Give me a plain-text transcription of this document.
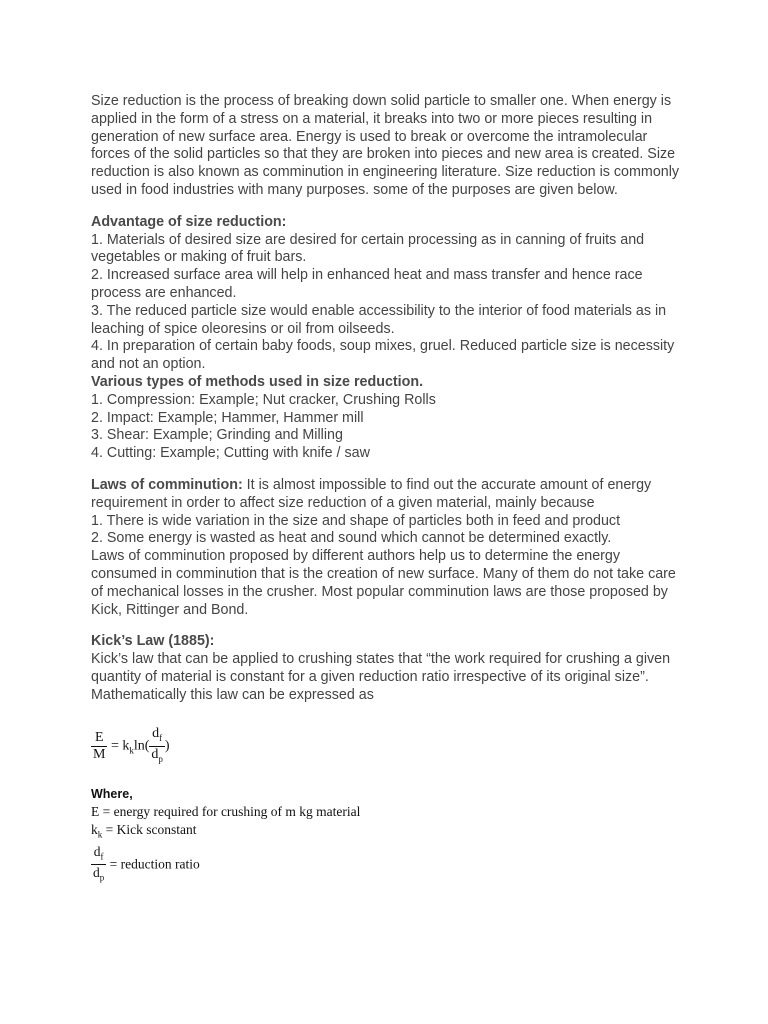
Size reduction is the process of breaking down solid particle to smaller one. When energy is applied in the form of a stress on a material, it breaks into two or more pieces resulting in generation of new surface area. Energy is used to break or overcome the intramolecular forces of the solid particles so that they are broken into pieces and new area is created. Size reduction is also known as comminution in engineering literature. Size reduction is commonly used in food industries with many purposes. some of the purposes are given below.

Advantage of size reduction:

1. Materials of desired size are desired for certain processing as in canning of fruits and vegetables or making of fruit bars.

2. Increased surface area will help in enhanced heat and mass transfer and hence race process are enhanced.

3. The reduced particle size would enable accessibility to the interior of food materials as in leaching of spice oleoresins or oil from oilseeds.

4. In preparation of certain baby foods, soup mixes, gruel. Reduced particle size is necessity and not an option.

Various types of methods used in size reduction.

1. Compression: Example; Nut cracker, Crushing Rolls

2. Impact: Example; Hammer, Hammer mill

3. Shear: Example; Grinding and Milling

4. Cutting: Example; Cutting with knife / saw

Laws of comminution: It is almost impossible to find out the accurate amount of energy requirement in order to affect size reduction of a given material, mainly because

1. There is wide variation in the size and shape of particles both in feed and product

2. Some energy is wasted as heat and sound which cannot be determined exactly.

Laws of comminution proposed by different authors help us to determine the energy consumed in comminution that is the creation of new surface. Many of them do not take care of mechanical losses in the crusher. Most popular comminution laws are those proposed by Kick, Rittinger and Bond.

Kick’s Law (1885):

Kick’s law that can be applied to crushing states that “the work required for crushing a given quantity of material is constant for a given reduction ratio irrespective of its original size”. Mathematically this law can be expressed as

$\frac{E}{M} = k_k\ln( \frac{d_f}{d_p}$ )
Where,
E = energy required for crushing of m kg material
$k_k$ = Kick sconstant
$\frac{d_f}{d_p}$ = reduction ratio
